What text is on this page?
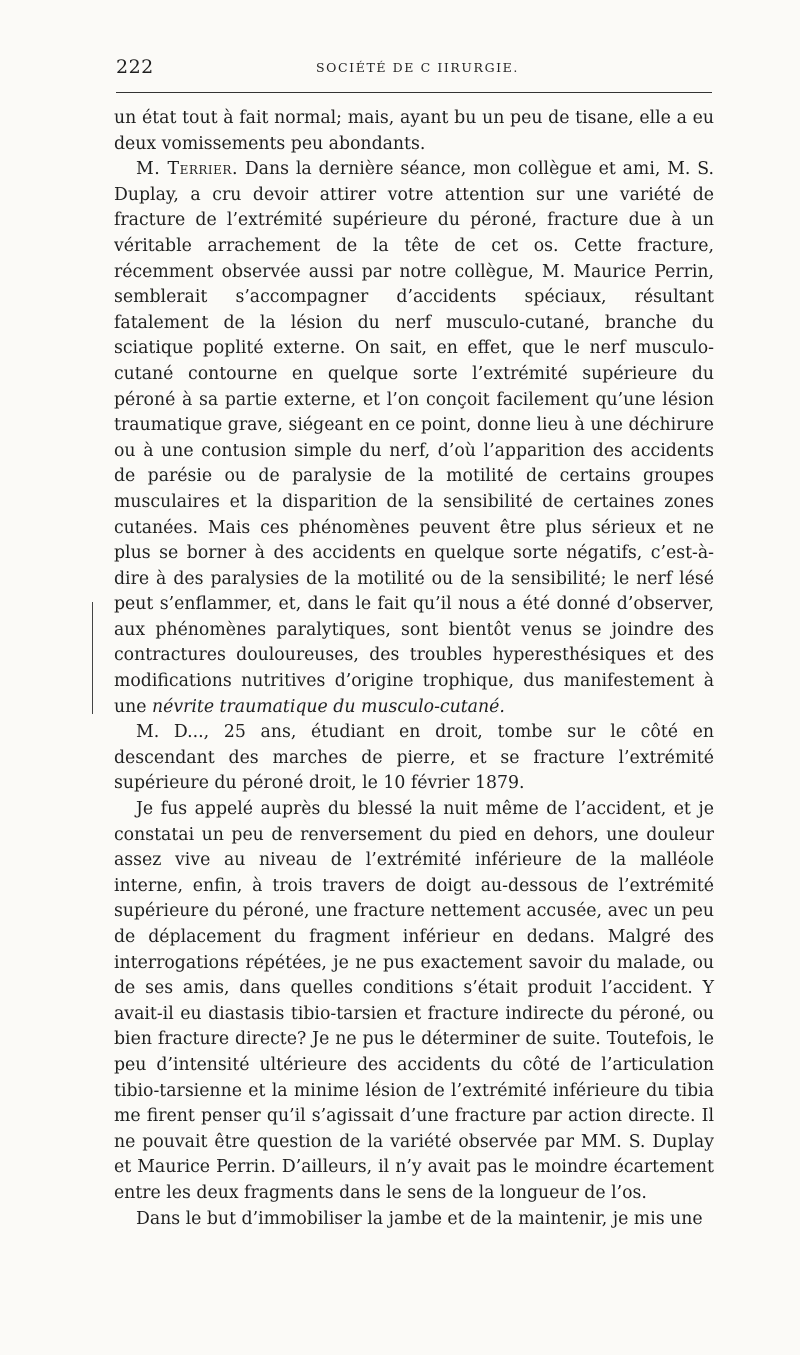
222	SOCIÉTÉ DE C IIRURGIE.

un état tout à fait normal; mais, ayant bu un peu de tisane, elle a eu deux vomissements peu abondants.

M. Terrier. Dans la dernière séance, mon collègue et ami, M. S. Duplay, a cru devoir attirer votre attention sur une variété de fracture de l’extrémité supérieure du péroné, fracture due à un véritable arrachement de la tête de cet os. Cette fracture, récemment observée aussi par notre collègue, M. Maurice Perrin, semblerait s’accompagner d’accidents spéciaux, résultant fatalement de la lésion du nerf musculo-cutané, branche du sciatique poplité externe. On sait, en effet, que le nerf musculo-cutané contourne en quelque sorte l’extrémité supérieure du péroné à sa partie externe, et l’on conçoit facilement qu’une lésion traumatique grave, siégeant en ce point, donne lieu à une déchirure ou à une contusion simple du nerf, d’où l’apparition des accidents de parésie ou de paralysie de la motilité de certains groupes musculaires et la disparition de la sensibilité de certaines zones cutanées. Mais ces phénomènes peuvent être plus sérieux et ne plus se borner à des accidents en quelque sorte négatifs, c’est-à-dire à des paralysies de la motilité ou de la sensibilité; le nerf lésé peut s’enflammer, et, dans le fait qu’il nous a été donné d’observer, aux phénomènes paralytiques, sont bientôt venus se joindre des contractures douloureuses, des troubles hyperesthésiques et des modifications nutritives d’origine trophique, dus manifestement à une névrite traumatique du musculo-cutané.

M. D..., 25 ans, étudiant en droit, tombe sur le côté en descendant des marches de pierre, et se fracture l’extrémité supérieure du péroné droit, le 10 février 1879.

Je fus appelé auprès du blessé la nuit même de l’accident, et je constatai un peu de renversement du pied en dehors, une douleur assez vive au niveau de l’extrémité inférieure de la malléole interne, enfin, à trois travers de doigt au-dessous de l’extrémité supérieure du péroné, une fracture nettement accusée, avec un peu de déplacement du fragment inférieur en dedans. Malgré des interrogations répétées, je ne pus exactement savoir du malade, ou de ses amis, dans quelles conditions s’était produit l’accident. Y avait-il eu diastasis tibio-tarsien et fracture indirecte du péroné, ou bien fracture directe? Je ne pus le déterminer de suite. Toutefois, le peu d’intensité ultérieure des accidents du côté de l’articulation tibio-tarsienne et la minime lésion de l’extrémité inférieure du tibia me firent penser qu’il s’agissait d’une fracture par action directe. Il ne pouvait être question de la variété observée par MM. S. Duplay et Maurice Perrin. D’ailleurs, il n’y avait pas le moindre écartement entre les deux fragments dans le sens de la longueur de l’os.

Dans le but d’immobiliser la jambe et de la maintenir, je mis une
